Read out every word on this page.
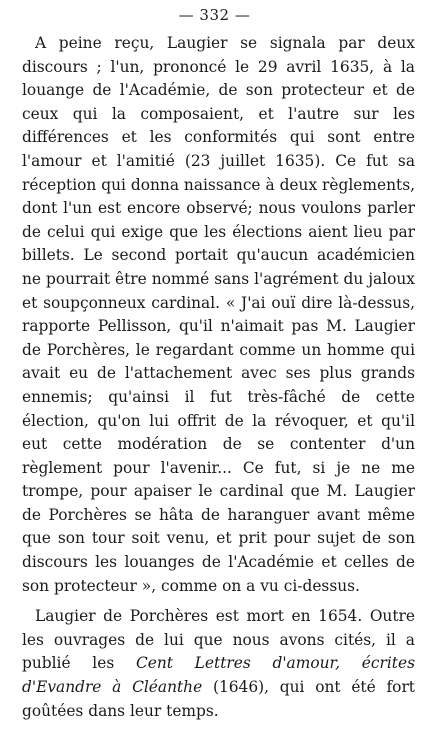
— 332 —

A peine reçu, Laugier se signala par deux discours ; l'un, prononcé le 29 avril 1635, à la louange de l'Académie, de son protecteur et de ceux qui la composaient, et l'autre sur les différences et les conformités qui sont entre l'amour et l'amitié (23 juillet 1635). Ce fut sa réception qui donna naissance à deux règlements, dont l'un est encore observé; nous voulons parler de celui qui exige que les élections aient lieu par billets. Le second portait qu'aucun académicien ne pourrait être nommé sans l'agrément du jaloux et soupçonneux cardinal. « J'ai ouï dire là-dessus, rapporte Pellisson, qu'il n'aimait pas M. Laugier de Porchères, le regardant comme un homme qui avait eu de l'attachement avec ses plus grands ennemis; qu'ainsi il fut très-fâché de cette élection, qu'on lui offrit de la révoquer, et qu'il eut cette modération de se contenter d'un règlement pour l'avenir... Ce fut, si je ne me trompe, pour apaiser le cardinal que M. Laugier de Porchères se hâta de haranguer avant même que son tour soit venu, et prit pour sujet de son discours les louanges de l'Académie et celles de son protecteur », comme on a vu ci-dessus.

Laugier de Porchères est mort en 1654. Outre les ouvrages de lui que nous avons cités, il a publié les Cent Lettres d'amour, écrites d'Evandre à Cléanthe (1646), qui ont été fort goûtées dans leur temps.
